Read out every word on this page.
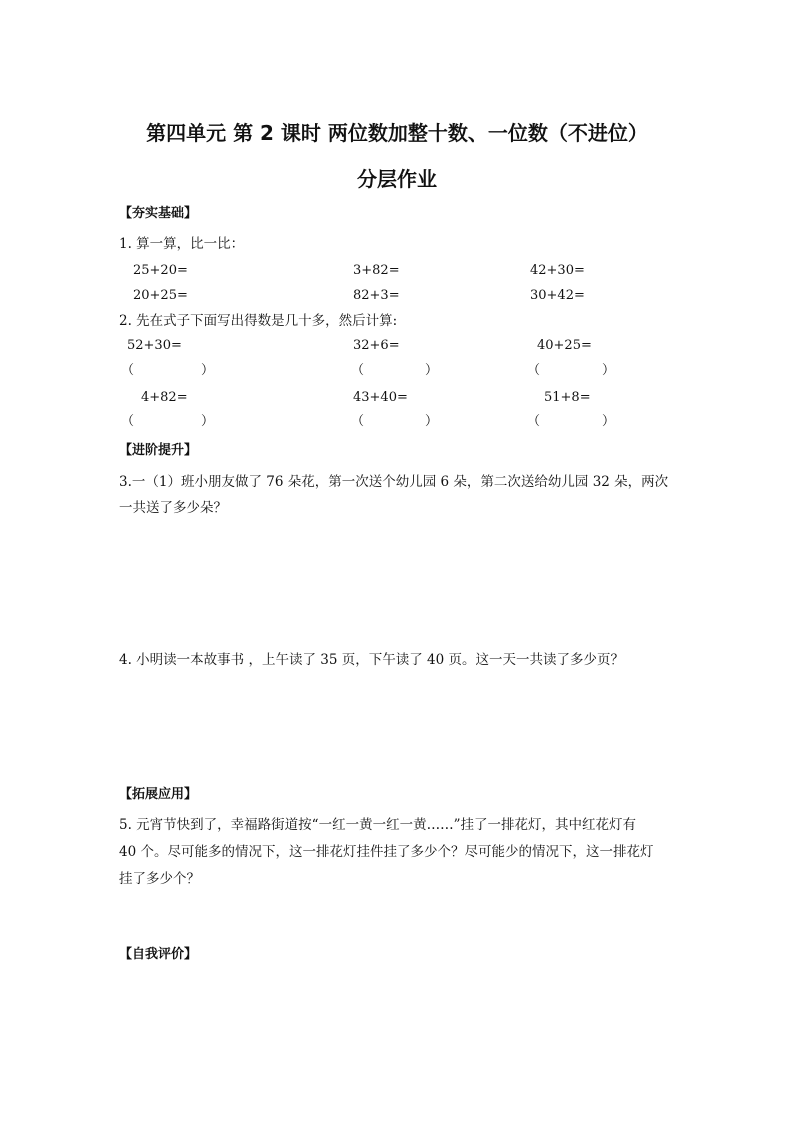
第四单元 第 2 课时 两位数加整十数、一位数（不进位）
分层作业
【夯实基础】
1. 算一算，比一比：
25+20=	3+82=	42+30=
20+25=	82+3=	30+42=
2. 先在式子下面写出得数是几十多，然后计算:
52+30=	32+6=	40+25=
（	）	（	）	（	）
4+82=	43+40=	51+8=
（	）	（	）	（	）
【进阶提升】
3.一（1）班小朋友做了 76 朵花，第一次送个幼儿园 6 朵，第二次送给幼儿园 32 朵，两次
一共送了多少朵？
4. 小明读一本故事书 ，上午读了 35 页，下午读了 40 页。这一天一共读了多少页？
【拓展应用】
5. 元宵节快到了，幸福路街道按“一红一黄一红一黄……”挂了一排花灯，其中红花灯有
40 个。尽可能多的情况下，这一排花灯挂件挂了多少个？尽可能少的情况下，这一排花灯
挂了多少个？
【自我评价】
